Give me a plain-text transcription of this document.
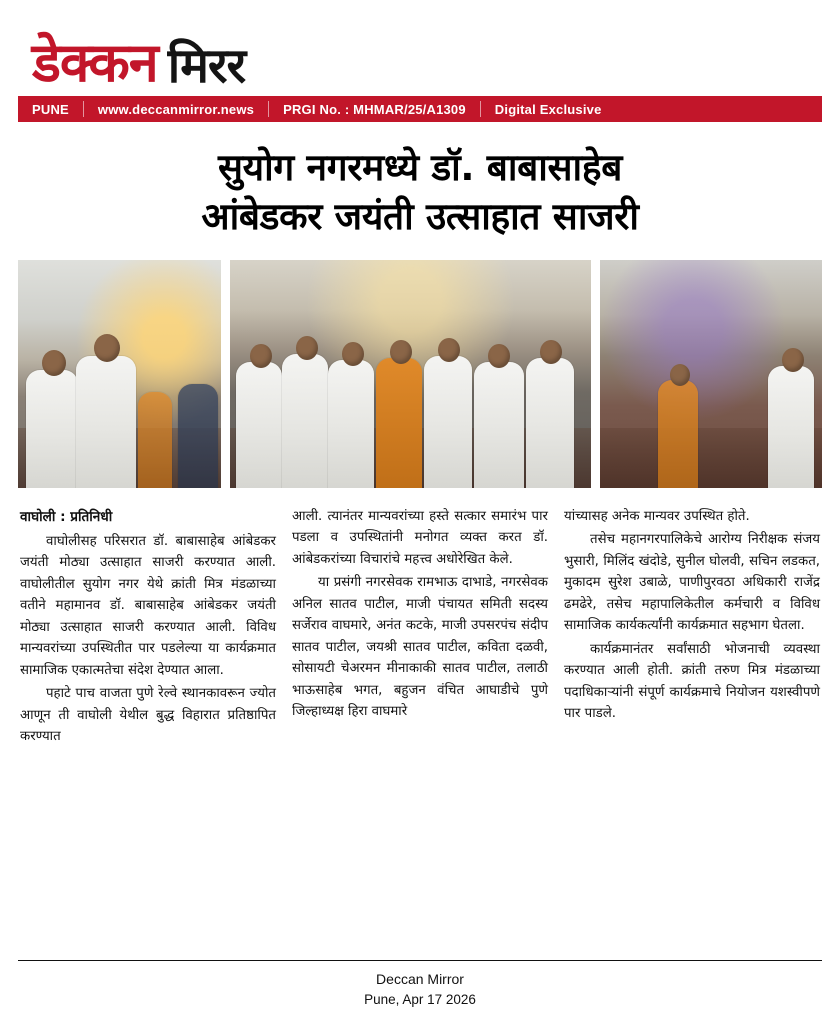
डेक्कन मिरर
PUNE	www.deccanmirror.news	PRGI No. : MHMAR/25/A1309	Digital Exclusive
सुयोग नगरमध्ये डॉ. बाबासाहेब
आंबेडकर जयंती उत्साहात साजरी
वाघोली : प्रतिनिधी

वाघोलीसह परिसरात डॉ. बाबासाहेब आंबेडकर जयंती मोठ्या उत्साहात साजरी करण्यात आली. वाघोलीतील सुयोग नगर येथे क्रांती मित्र मंडळाच्या वतीने महामानव डॉ. बाबासाहेब आंबेडकर जयंती मोठ्या उत्साहात साजरी करण्यात आली. विविध मान्यवरांच्या उपस्थितीत पार पडलेल्या या कार्यक्रमात सामाजिक एकात्मतेचा संदेश देण्यात आला.

पहाटे पाच वाजता पुणे रेल्वे स्थानकावरून ज्योत आणून ती वाघोली येथील बुद्ध विहारात प्रतिष्ठापित करण्यात

आली. त्यानंतर मान्यवरांच्या हस्ते सत्कार समारंभ पार पडला व उपस्थितांनी मनोगत व्यक्त करत डॉ. आंबेडकरांच्या विचारांचे महत्त्व अधोरेखित केले.

या प्रसंगी नगरसेवक रामभाऊ दाभाडे, नगरसेवक अनिल सातव पाटील, माजी पंचायत समिती सदस्य सर्जेराव वाघमारे, अनंत कटके, माजी उपसरपंच संदीप सातव पाटील, जयश्री सातव पाटील, कविता दळवी, सोसायटी चेअरमन मीनाकाकी सातव पाटील, तलाठी भाऊसाहेब भगत, बहुजन वंचित आघाडीचे पुणे जिल्हाध्यक्ष हिरा वाघमारे

यांच्यासह अनेक मान्यवर उपस्थित होते.

तसेच महानगरपालिकेचे आरोग्य निरीक्षक संजय भुसारी, मिलिंद खंदोडे, सुनील घोलवी, सचिन लडकत, मुकादम सुरेश उबाळे, पाणीपुरवठा अधिकारी राजेंद्र ढमढेरे, तसेच महापालिकेतील कर्मचारी व विविध सामाजिक कार्यकर्त्यांनी कार्यक्रमात सहभाग घेतला.

कार्यक्रमानंतर सर्वांसाठी भोजनाची व्यवस्था करण्यात आली होती. क्रांती तरुण मित्र मंडळाच्या पदाधिकाऱ्यांनी संपूर्ण कार्यक्रमाचे नियोजन यशस्वीपणे पार पाडले.

Deccan Mirror
Pune, Apr 17 2026
